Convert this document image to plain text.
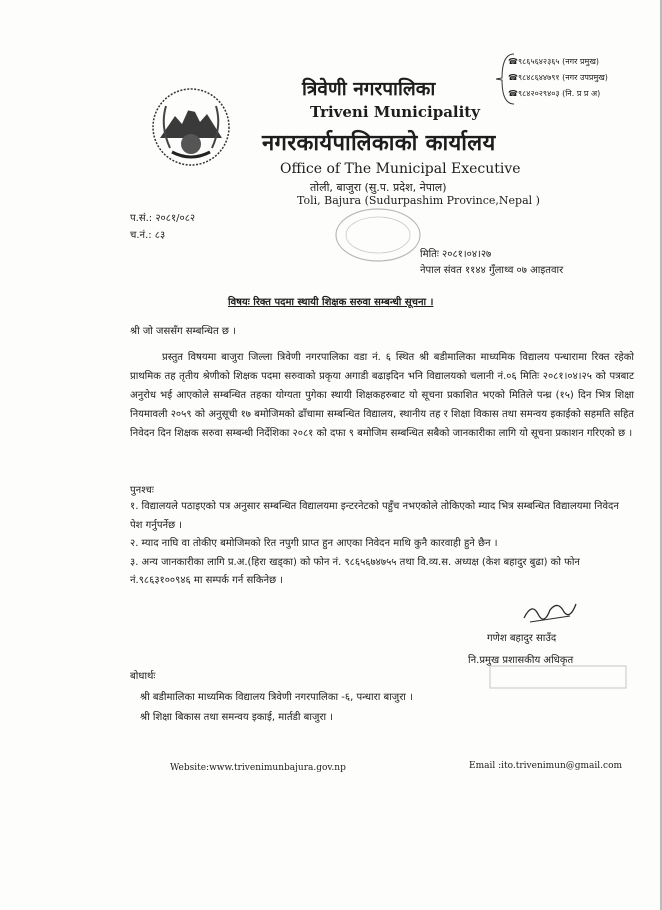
त्रिवेणी नगरपालिका
Triveni Municipality
नगरकार्यपालिकाको कार्यालय
Office of The Municipal Executive
तोली, बाजुरा (सु.प. प्रदेश, नेपाल)
Toli, Bajura (Sudurpashim Province,Nepal )
☎९८६५६४२३६५ (नगर प्रमुख)
☎९८४८६४४७९१ (नगर उपप्रमुख)
☎९८४२०२९४०३ (नि. प्र प्र अ)
प.सं.: २०८१/०८२
च.नं.: ८३
मितिः २०८१।०४।२७
नेपाल संवत ११४४ गुँलाथ्व ०७ आइतवार
विषयः रिक्त पदमा स्थायी शिक्षक सरुवा सम्बन्धी सूचना ।
श्री जो जससँग सम्बन्धित छ ।

प्रस्तुत विषयमा बाजुरा जिल्ला त्रिवेणी नगरपालिका वडा नं. ६ स्थित श्री बडीमालिका माध्यमिक विद्यालय पन्धारामा रिक्त रहेको प्राथमिक तह तृतीय श्रेणीको शिक्षक पदमा सरुवाको प्रकृया अगाडी बढाइदिन भनि विद्यालयको चलानी नं.०६ मितिः २०८१।०४।२५ को पत्रबाट अनुरोध भई आएकोले सम्बन्धित तहका योग्यता पुगेका स्थायी शिक्षकहरुबाट यो सूचना प्रकाशित भएको मितिले पन्ध्र (१५) दिन भित्र शिक्षा नियमावली २०५९ को अनुसूची १७ बमोजिमको ढाँचामा सम्बन्धित विद्यालय, स्थानीय तह र शिक्षा विकास तथा समन्वय इकाईको सहमति सहित निवेदन दिन शिक्षक सरुवा सम्बन्धी निर्देशिका २०८१ को दफा ९ बमोजिम सम्बन्धित सबैको जानकारीका लागि यो सूचना प्रकाशन गरिएको छ ।

पुनश्चः
१. विद्यालयले पठाइएको पत्र अनुसार सम्बन्धित विद्यालयमा इन्टरनेटको पहुँच नभएकोले तोकिएको म्याद भित्र सम्बन्धित विद्यालयमा निवेदन पेश गर्नुपर्नेछ ।
२. म्याद नाघि वा तोकीए बमोजिमको रित नपुगी प्राप्त हुन आएका निवेदन माथि कुनै कारवाही हुने छैन ।
३. अन्य जानकारीका लागि प्र.अ.(हिरा खड्का) को फोन नं. ९८६५६७४७५५ तथा वि.व्य.स. अध्यक्ष (केश बहादुर बुढा) को फोन नं.९८६३१००९४६ मा सम्पर्क गर्न सकिनेछ ।
गणेश बहादुर साउँद
नि.प्रमुख प्रशासकीय अधिकृत
बोधार्थः
श्री बडीमालिका माध्यमिक विद्यालय त्रिवेणी नगरपालिका -६, पन्धारा बाजुरा ।
श्री शिक्षा बिकास तथा समन्वय इकाई, मार्तडी बाजुरा ।
Website:www.trivenimunbajura.gov.np	Email :ito.trivenimun@gmail.com
